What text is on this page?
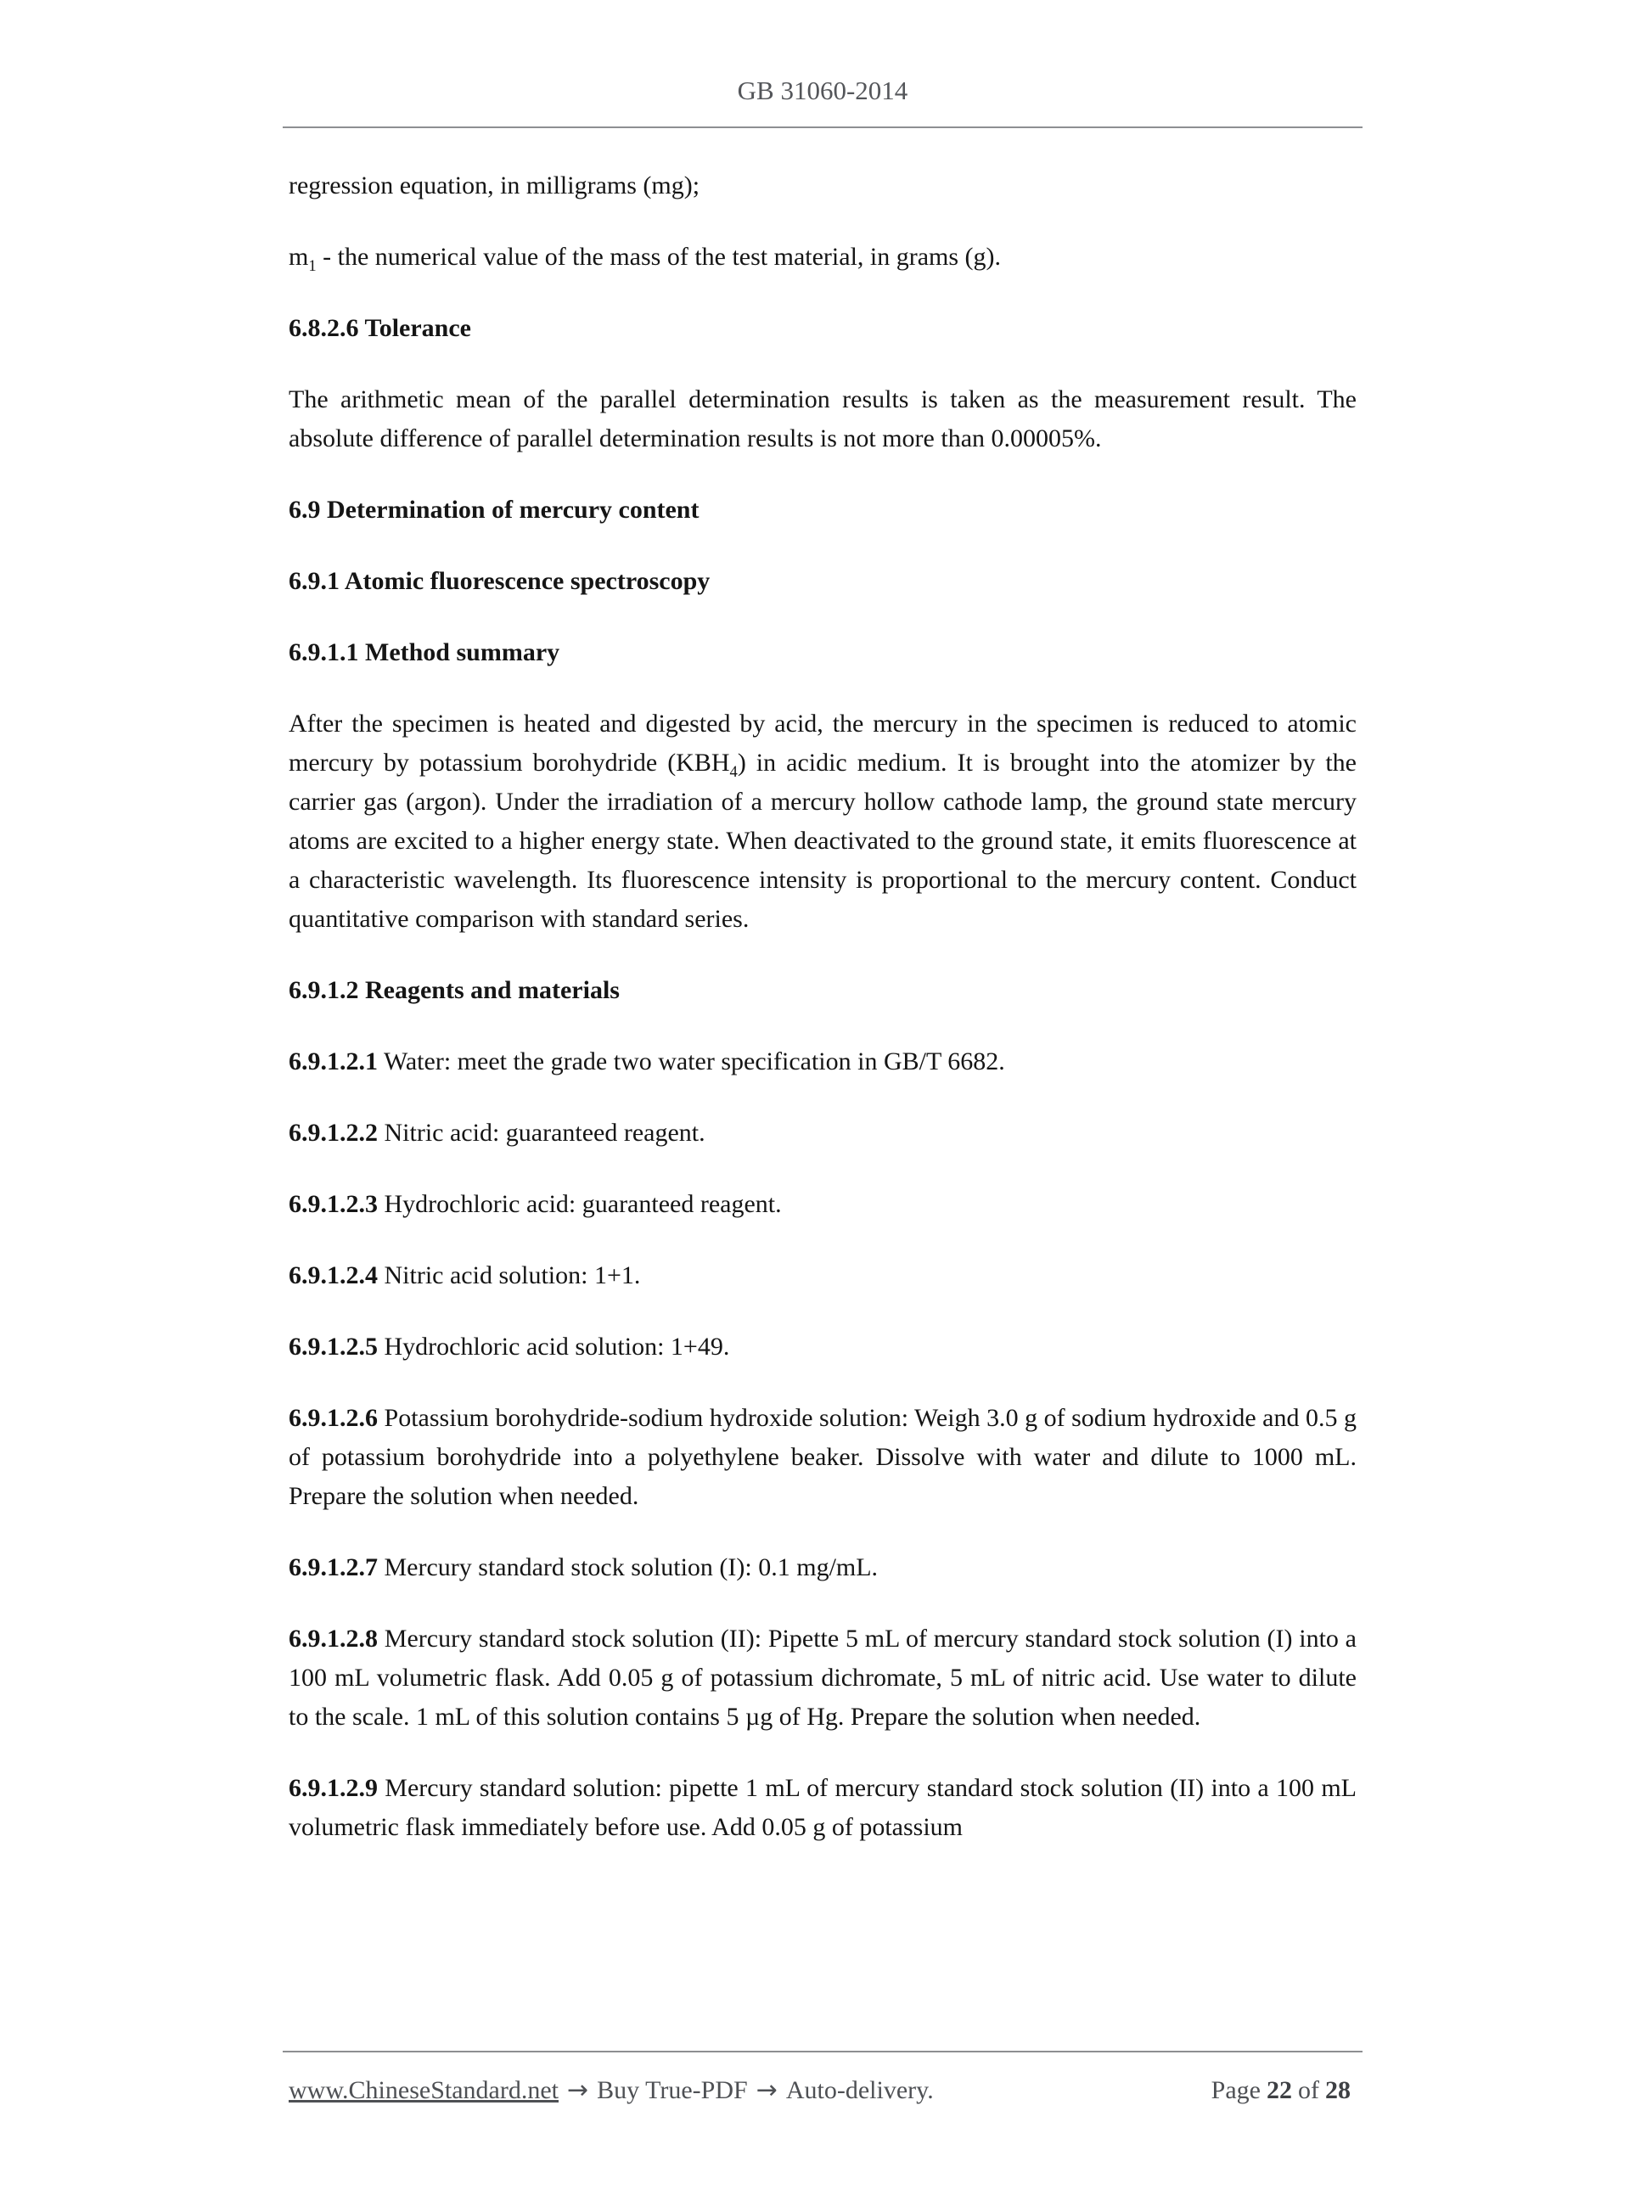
GB 31060-2014

regression equation, in milligrams (mg);

$m_1$ - the numerical value of the mass of the test material, in grams (g).

6.8.2.6 Tolerance

The arithmetic mean of the parallel determination results is taken as the measurement result. The absolute difference of parallel determination results is not more than 0.00005%.

6.9 Determination of mercury content

6.9.1 Atomic fluorescence spectroscopy

6.9.1.1 Method summary

After the specimen is heated and digested by acid, the mercury in the specimen is reduced to atomic mercury by potassium borohydride $(KBH_4)$ in acidic medium. It is brought into the atomizer by the carrier gas (argon). Under the irradiation of a mercury hollow cathode lamp, the ground state mercury atoms are excited to a higher energy state. When deactivated to the ground state, it emits fluorescence at a characteristic wavelength. Its fluorescence intensity is proportional to the mercury content. Conduct quantitative comparison with standard series.

6.9.1.2 Reagents and materials

6.9.1.2.1 Water: meet the grade two water specification in GB/T 6682.

6.9.1.2.2 Nitric acid: guaranteed reagent.

6.9.1.2.3 Hydrochloric acid: guaranteed reagent.

6.9.1.2.4 Nitric acid solution: 1+1.

6.9.1.2.5 Hydrochloric acid solution: 1+49.

6.9.1.2.6 Potassium borohydride-sodium hydroxide solution: Weigh 3.0 g of sodium hydroxide and 0.5 g of potassium borohydride into a polyethylene beaker. Dissolve with water and dilute to 1000 mL. Prepare the solution when needed.

6.9.1.2.7 Mercury standard stock solution (I): 0.1 mg/mL.

6.9.1.2.8 Mercury standard stock solution (II): Pipette 5 mL of mercury standard stock solution (I) into a 100 mL volumetric flask. Add 0.05 g of potassium dichromate, 5 mL of nitric acid. Use water to dilute to the scale. 1 mL of this solution contains 5 µg of Hg. Prepare the solution when needed.

6.9.1.2.9 Mercury standard solution: pipette 1 mL of mercury standard stock solution (II) into a 100 mL volumetric flask immediately before use. Add 0.05 g of potassium

www.ChineseStandard.net → Buy True-PDF → Auto-delivery.	Page 22 of 28
